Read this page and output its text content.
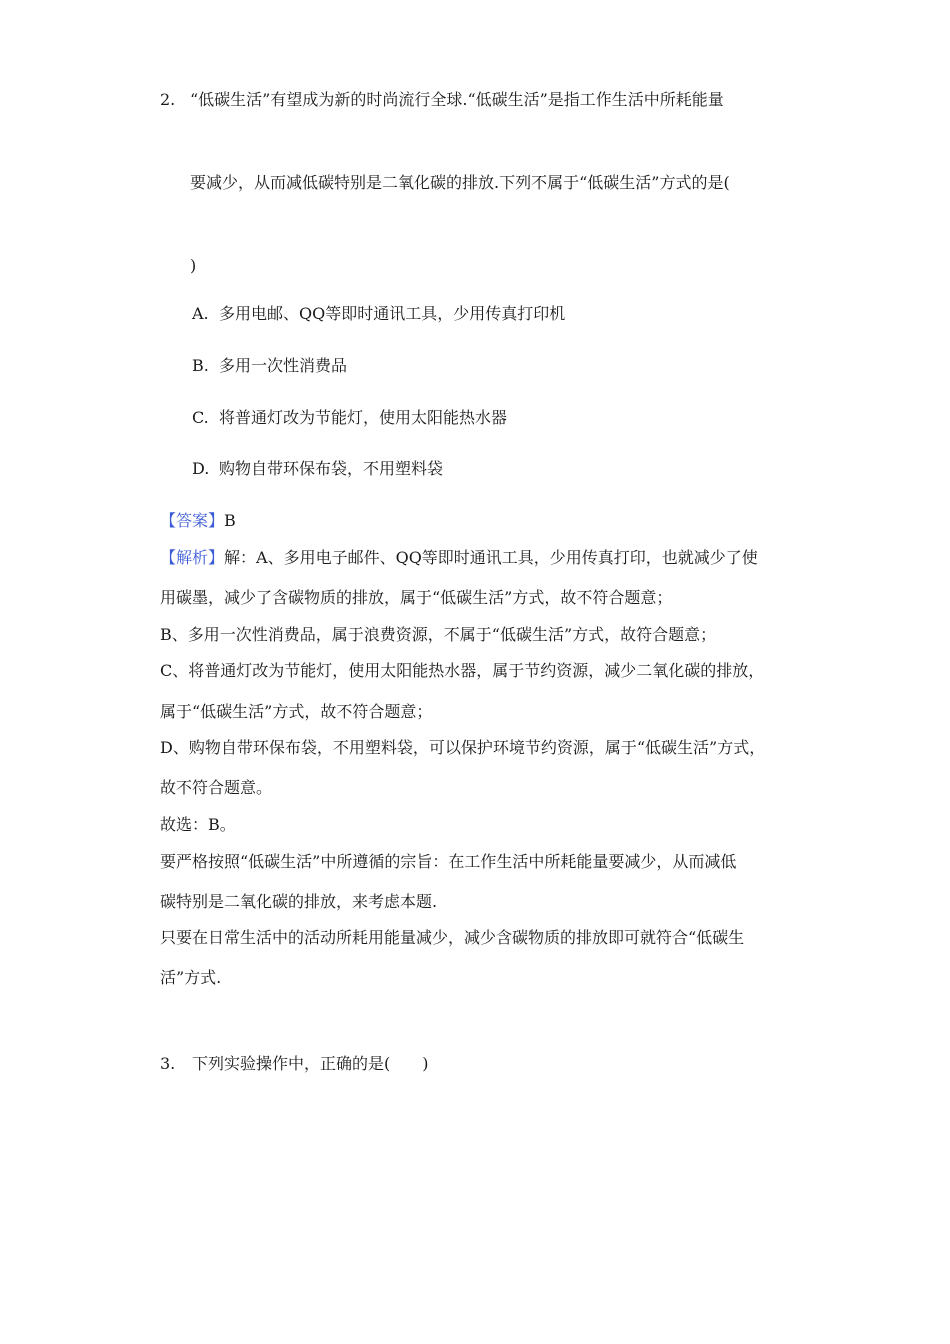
2. “低碳生活”有望成为新的时尚流行全球.“低碳生活”是指工作生活中所耗能量
要减少，从而减低碳特别是二氧化碳的排放.下列不属于“低碳生活”方式的是(
)
A. 多用电邮、QQ等即时通讯工具，少用传真打印机
B. 多用一次性消费品
C. 将普通灯改为节能灯，使用太阳能热水器
D. 购物自带环保布袋，不用塑料袋
【答案】B
【解析】解：A、多用电子邮件、QQ等即时通讯工具，少用传真打印，也就减少了使
用碳墨，减少了含碳物质的排放，属于“低碳生活”方式，故不符合题意；
B、多用一次性消费品，属于浪费资源，不属于“低碳生活”方式，故符合题意；
C、将普通灯改为节能灯，使用太阳能热水器，属于节约资源，减少二氧化碳的排放，
属于“低碳生活”方式，故不符合题意；
D、购物自带环保布袋，不用塑料袋，可以保护环境节约资源，属于“低碳生活”方式，
故不符合题意。
故选：B。
要严格按照“低碳生活”中所遵循的宗旨：在工作生活中所耗能量要减少，从而减低
碳特别是二氧化碳的排放，来考虑本题.
只要在日常生活中的活动所耗用能量减少，减少含碳物质的排放即可就符合“低碳生
活”方式.
3. 下列实验操作中，正确的是(　　)
